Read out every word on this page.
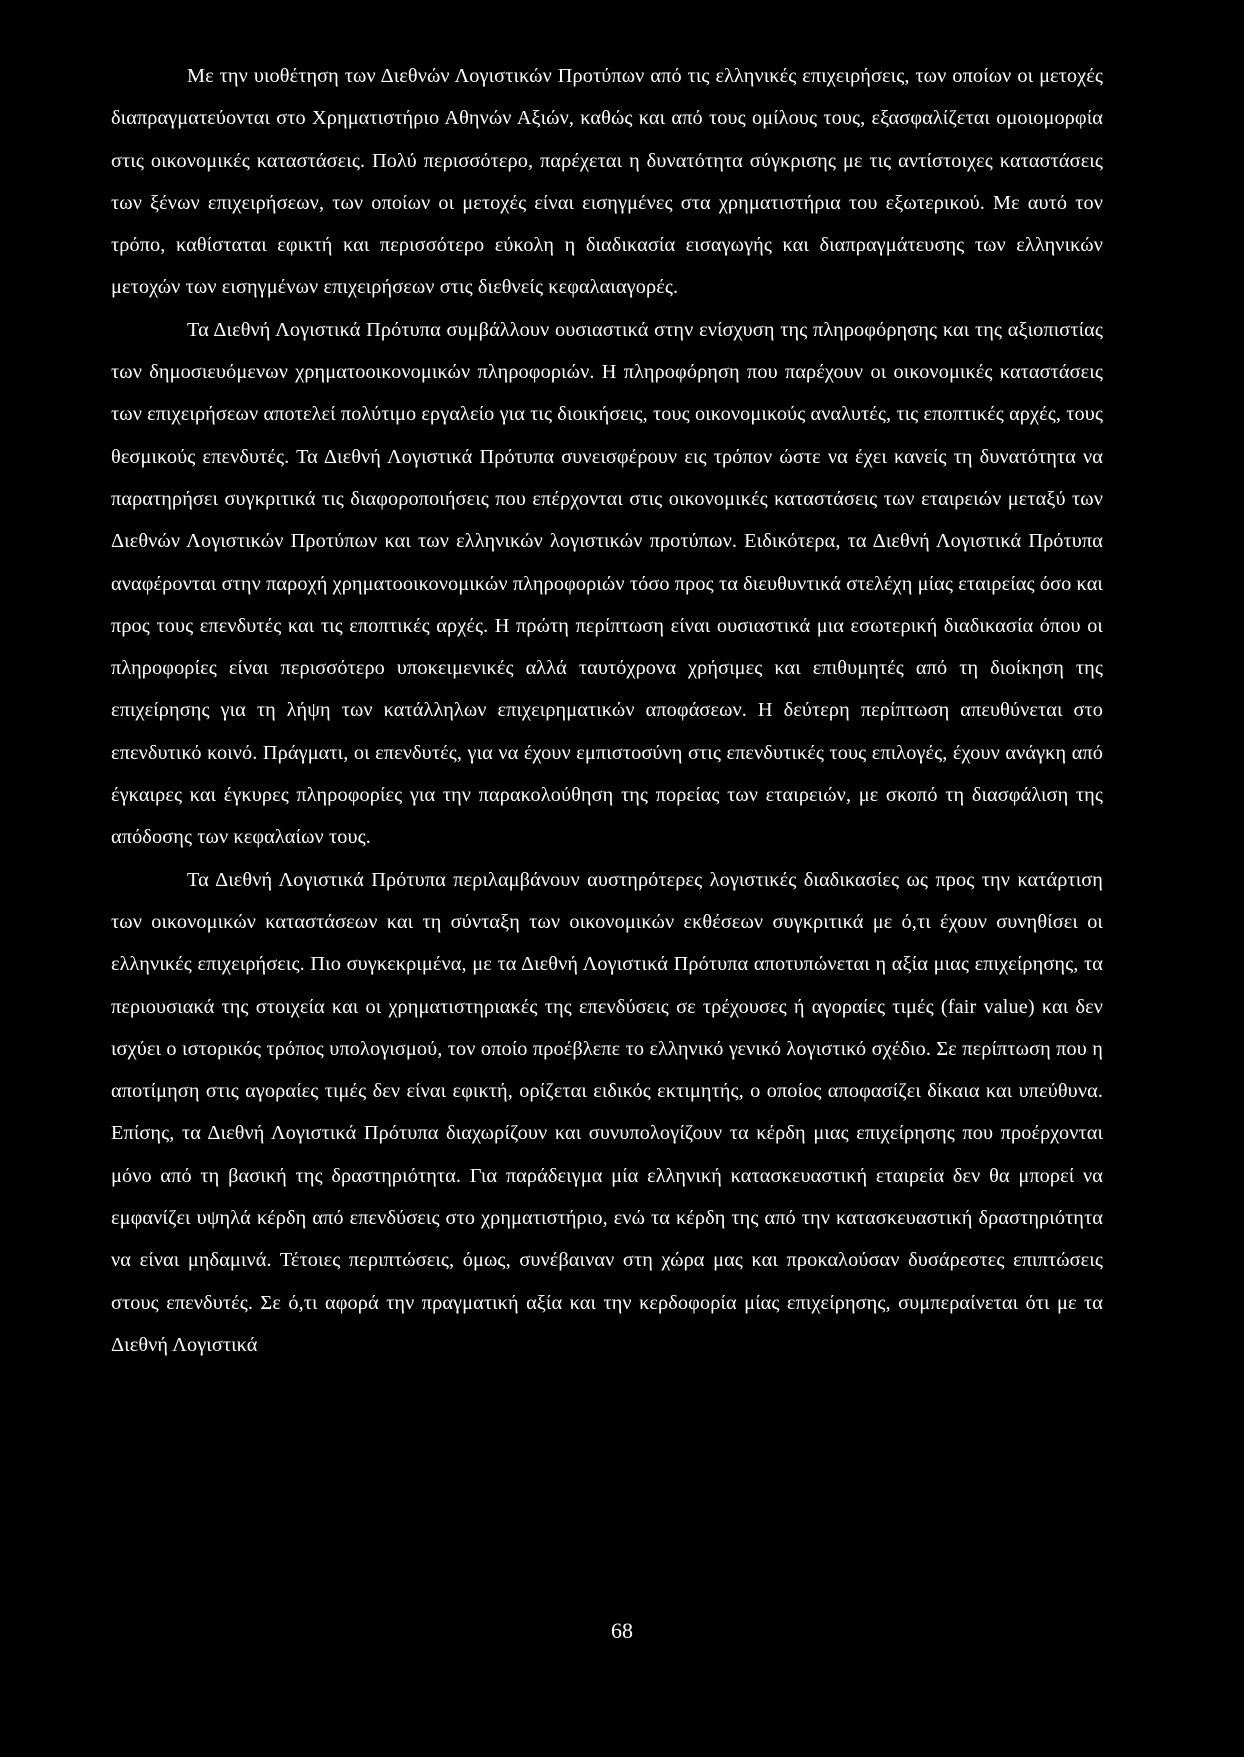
Με την υιοθέτηση των Διεθνών Λογιστικών Προτύπων από τις ελληνικές επιχειρήσεις, των οποίων οι μετοχές διαπραγματεύονται στο Χρηματιστήριο Αθηνών Αξιών, καθώς και από τους ομίλους τους, εξασφαλίζεται ομοιομορφία στις οικονομικές καταστάσεις. Πολύ περισσότερο, παρέχεται η δυνατότητα σύγκρισης με τις αντίστοιχες καταστάσεις των ξένων επιχειρήσεων, των οποίων οι μετοχές είναι εισηγμένες στα χρηματιστήρια του εξωτερικού. Με αυτό τον τρόπο, καθίσταται εφικτή και περισσότερο εύκολη η διαδικασία εισαγωγής και διαπραγμάτευσης των ελληνικών μετοχών των εισηγμένων επιχειρήσεων στις διεθνείς κεφαλαιαγορές.

Τα Διεθνή Λογιστικά Πρότυπα συμβάλλουν ουσιαστικά στην ενίσχυση της πληροφόρησης και της αξιοπιστίας των δημοσιευόμενων χρηματοοικονομικών πληροφοριών. Η πληροφόρηση που παρέχουν οι οικονομικές καταστάσεις των επιχειρήσεων αποτελεί πολύτιμο εργαλείο για τις διοικήσεις, τους οικονομικούς αναλυτές, τις εποπτικές αρχές, τους θεσμικούς επενδυτές. Τα Διεθνή Λογιστικά Πρότυπα συνεισφέρουν εις τρόπον ώστε να έχει κανείς τη δυνατότητα να παρατηρήσει συγκριτικά τις διαφοροποιήσεις που επέρχονται στις οικονομικές καταστάσεις των εταιρειών μεταξύ των Διεθνών Λογιστικών Προτύπων και των ελληνικών λογιστικών προτύπων. Ειδικότερα, τα Διεθνή Λογιστικά Πρότυπα αναφέρονται στην παροχή χρηματοοικονομικών πληροφοριών τόσο προς τα διευθυντικά στελέχη μίας εταιρείας όσο και προς τους επενδυτές και τις εποπτικές αρχές. Η πρώτη περίπτωση είναι ουσιαστικά μια εσωτερική διαδικασία όπου οι πληροφορίες είναι περισσότερο υποκειμενικές αλλά ταυτόχρονα χρήσιμες και επιθυμητές από τη διοίκηση της επιχείρησης για τη λήψη των κατάλληλων επιχειρηματικών αποφάσεων. Η δεύτερη περίπτωση απευθύνεται στο επενδυτικό κοινό. Πράγματι, οι επενδυτές, για να έχουν εμπιστοσύνη στις επενδυτικές τους επιλογές, έχουν ανάγκη από έγκαιρες και έγκυρες πληροφορίες για την παρακολούθηση της πορείας των εταιρειών, με σκοπό τη διασφάλιση της απόδοσης των κεφαλαίων τους.

Τα Διεθνή Λογιστικά Πρότυπα περιλαμβάνουν αυστηρότερες λογιστικές διαδικασίες ως προς την κατάρτιση των οικονομικών καταστάσεων και τη σύνταξη των οικονομικών εκθέσεων συγκριτικά με ό,τι έχουν συνηθίσει οι ελληνικές επιχειρήσεις. Πιο συγκεκριμένα, με τα Διεθνή Λογιστικά Πρότυπα αποτυπώνεται η αξία μιας επιχείρησης, τα περιουσιακά της στοιχεία και οι χρηματιστηριακές της επενδύσεις σε τρέχουσες ή αγοραίες τιμές (fair value) και δεν ισχύει ο ιστορικός τρόπος υπολογισμού, τον οποίο προέβλεπε το ελληνικό γενικό λογιστικό σχέδιο. Σε περίπτωση που η αποτίμηση στις αγοραίες τιμές δεν είναι εφικτή, ορίζεται ειδικός εκτιμητής, ο οποίος αποφασίζει δίκαια και υπεύθυνα. Επίσης, τα Διεθνή Λογιστικά Πρότυπα διαχωρίζουν και συνυπολογίζουν τα κέρδη μιας επιχείρησης που προέρχονται μόνο από τη βασική της δραστηριότητα. Για παράδειγμα μία ελληνική κατασκευαστική εταιρεία δεν θα μπορεί να εμφανίζει υψηλά κέρδη από επενδύσεις στο χρηματιστήριο, ενώ τα κέρδη της από την κατασκευαστική δραστηριότητα να είναι μηδαμινά. Τέτοιες περιπτώσεις, όμως, συνέβαιναν στη χώρα μας και προκαλούσαν δυσάρεστες επιπτώσεις στους επενδυτές. Σε ό,τι αφορά την πραγματική αξία και την κερδοφορία μίας επιχείρησης, συμπεραίνεται ότι με τα Διεθνή Λογιστικά

68
